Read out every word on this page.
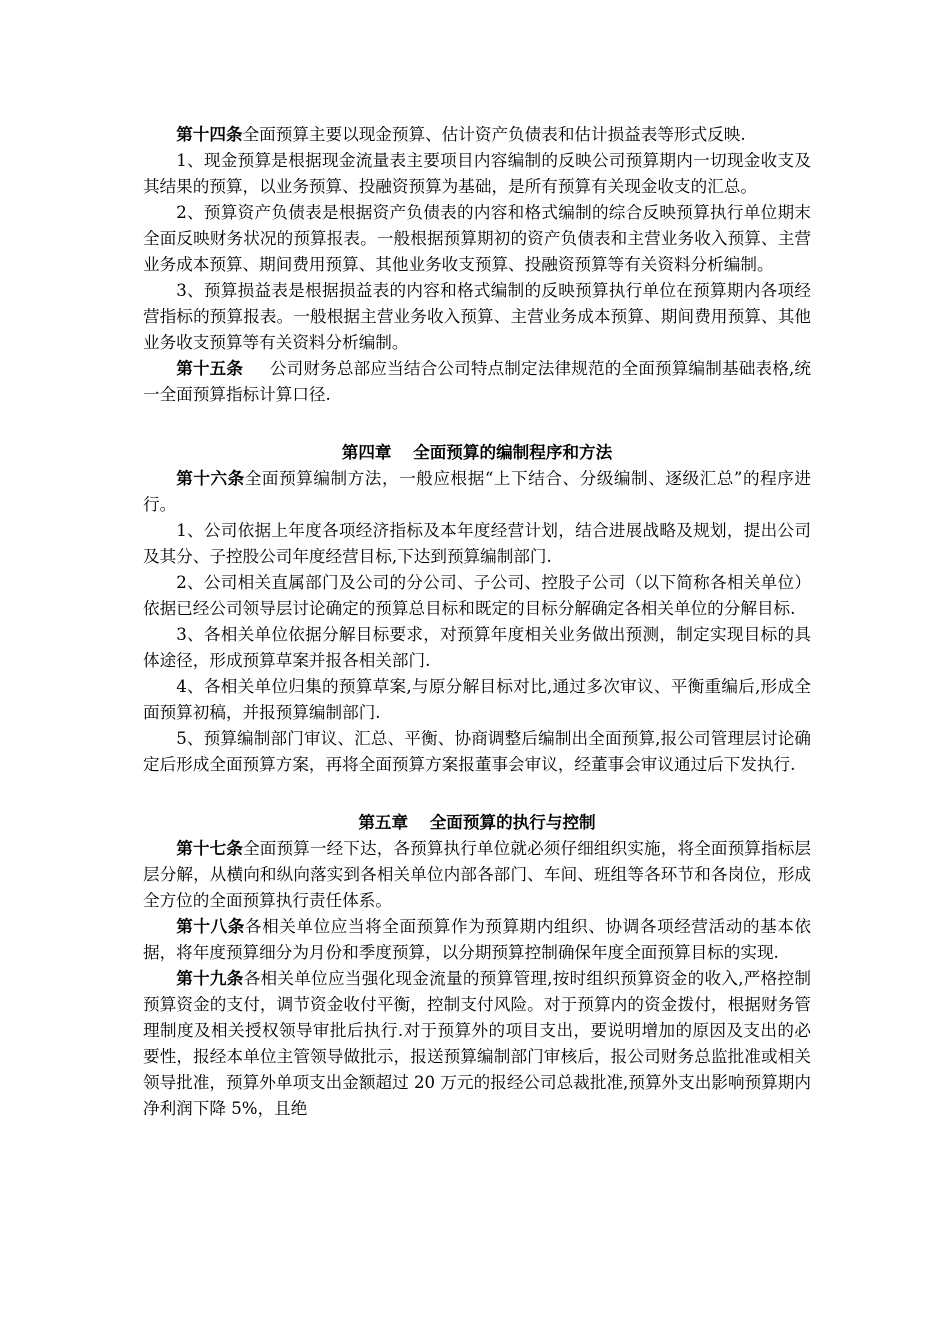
第十四条全面预算主要以现金预算、估计资产负债表和估计损益表等形式反映.

1、现金预算是根据现金流量表主要项目内容编制的反映公司预算期内一切现金收支及其结果的预算，以业务预算、投融资预算为基础，是所有预算有关现金收支的汇总。

2、预算资产负债表是根据资产负债表的内容和格式编制的综合反映预算执行单位期末全面反映财务状况的预算报表。一般根据预算期初的资产负债表和主营业务收入预算、主营业务成本预算、期间费用预算、其他业务收支预算、投融资预算等有关资料分析编制。

3、预算损益表是根据损益表的内容和格式编制的反映预算执行单位在预算期内各项经营指标的预算报表。一般根据主营业务收入预算、主营业务成本预算、期间费用预算、其他业务收支预算等有关资料分析编制。

第十五条 公司财务总部应当结合公司特点制定法律规范的全面预算编制基础表格,统一全面预算指标计算口径.

第四章 全面预算的编制程序和方法

第十六条全面预算编制方法，一般应根据“上下结合、分级编制、逐级汇总”的程序进行。

1、公司依据上年度各项经济指标及本年度经营计划，结合进展战略及规划，提出公司及其分、子控股公司年度经营目标,下达到预算编制部门.

2、公司相关直属部门及公司的分公司、子公司、控股子公司（以下简称各相关单位）依据已经公司领导层讨论确定的预算总目标和既定的目标分解确定各相关单位的分解目标.

3、各相关单位依据分解目标要求，对预算年度相关业务做出预测，制定实现目标的具体途径，形成预算草案并报各相关部门.

4、各相关单位归集的预算草案,与原分解目标对比,通过多次审议、平衡重编后,形成全面预算初稿，并报预算编制部门.

5、预算编制部门审议、汇总、平衡、协商调整后编制出全面预算,报公司管理层讨论确定后形成全面预算方案，再将全面预算方案报董事会审议，经董事会审议通过后下发执行.

第五章 全面预算的执行与控制

第十七条全面预算一经下达，各预算执行单位就必须仔细组织实施，将全面预算指标层层分解，从横向和纵向落实到各相关单位内部各部门、车间、班组等各环节和各岗位，形成全方位的全面预算执行责任体系。

第十八条各相关单位应当将全面预算作为预算期内组织、协调各项经营活动的基本依据，将年度预算细分为月份和季度预算，以分期预算控制确保年度全面预算目标的实现.

第十九条各相关单位应当强化现金流量的预算管理,按时组织预算资金的收入,严格控制预算资金的支付，调节资金收付平衡，控制支付风险。对于预算内的资金拨付，根据财务管理制度及相关授权领导审批后执行.对于预算外的项目支出，要说明增加的原因及支出的必要性，报经本单位主管领导做批示，报送预算编制部门审核后，报公司财务总监批准或相关领导批准，预算外单项支出金额超过 20 万元的报经公司总裁批准,预算外支出影响预算期内净利润下降 5%，且绝
